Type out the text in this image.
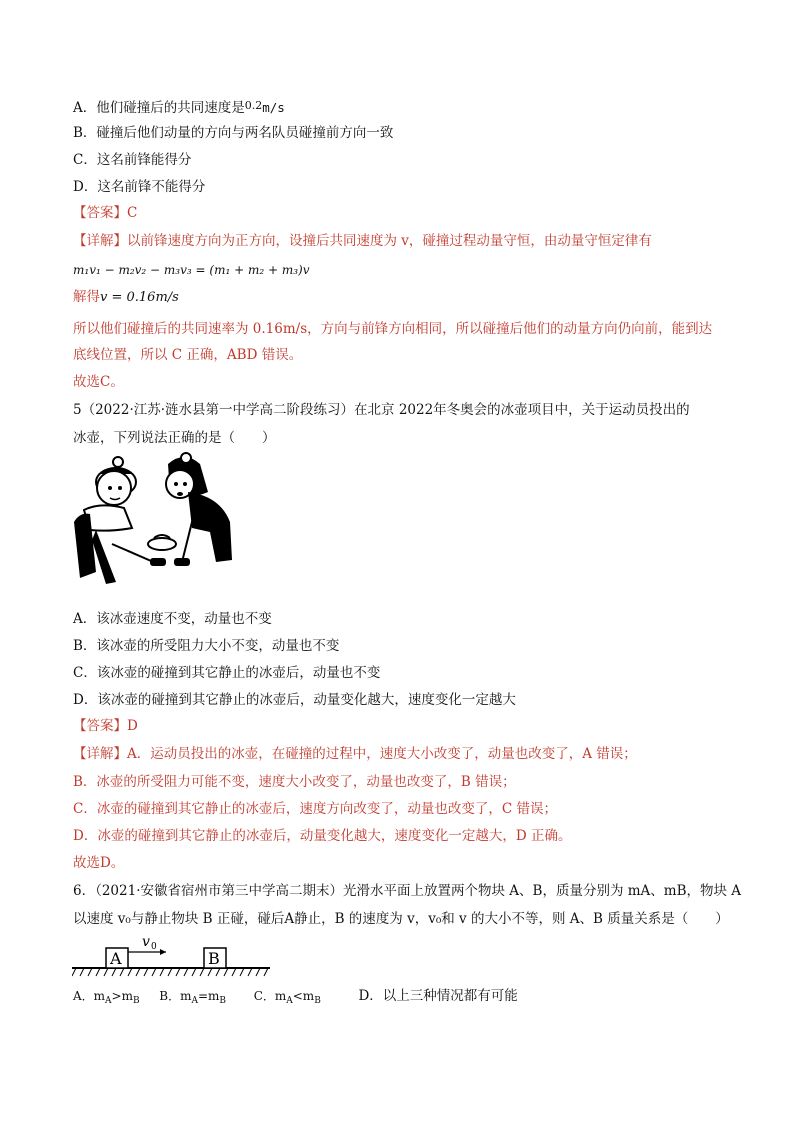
A．他们碰撞后的共同速度是$^{0.2}$m/s
B．碰撞后他们动量的方向与两名队员碰撞前方向一致
C．这名前锋能得分
D．这名前锋不能得分
【答案】C
【详解】以前锋速度方向为正方向，设撞后共同速度为 v，碰撞过程动量守恒，由动量守恒定律有
m₁v₁ − m₂v₂ − m₃v₃ = (m₁ + m₂ + m₃)v
解得v = 0.16m/s
所以他们碰撞后的共同速率为 0.16m/s，方向与前锋方向相同，所以碰撞后他们的动量方向仍向前，能到达
底线位置，所以 C 正确，ABD 错误。
故选C。
5（2022·江苏·涟水县第一中学高二阶段练习）在北京 2022年冬奥会的冰壶项目中，关于运动员投出的
冰壶，下列说法正确的是（　　）
A．该冰壶速度不变，动量也不变
B．该冰壶的所受阻力大小不变，动量也不变
C．该冰壶的碰撞到其它静止的冰壶后，动量也不变
D．该冰壶的碰撞到其它静止的冰壶后，动量变化越大，速度变化一定越大
【答案】D
【详解】A．运动员投出的冰壶，在碰撞的过程中，速度大小改变了，动量也改变了，A 错误；
B．冰壶的所受阻力可能不变，速度大小改变了，动量也改变了，B 错误；
C．冰壶的碰撞到其它静止的冰壶后，速度方向改变了，动量也改变了，C 错误；
D．冰壶的碰撞到其它静止的冰壶后，动量变化越大，速度变化一定越大，D 正确。
故选D。
6．（2021·安徽省宿州市第三中学高二期末）光滑水平面上放置两个物块 A、B，质量分别为 mA、mB，物块 A
以速度 v₀与静止物块 B 正碰，碰后A静止，B 的速度为 v，v₀和 v 的大小不等，则 A、B 质量关系是（　　）
A	B
v 0
A．$m_A>m_B$ B．$m_A=m_B$ C．$m_A<m_B$	D．以上三种情况都有可能
